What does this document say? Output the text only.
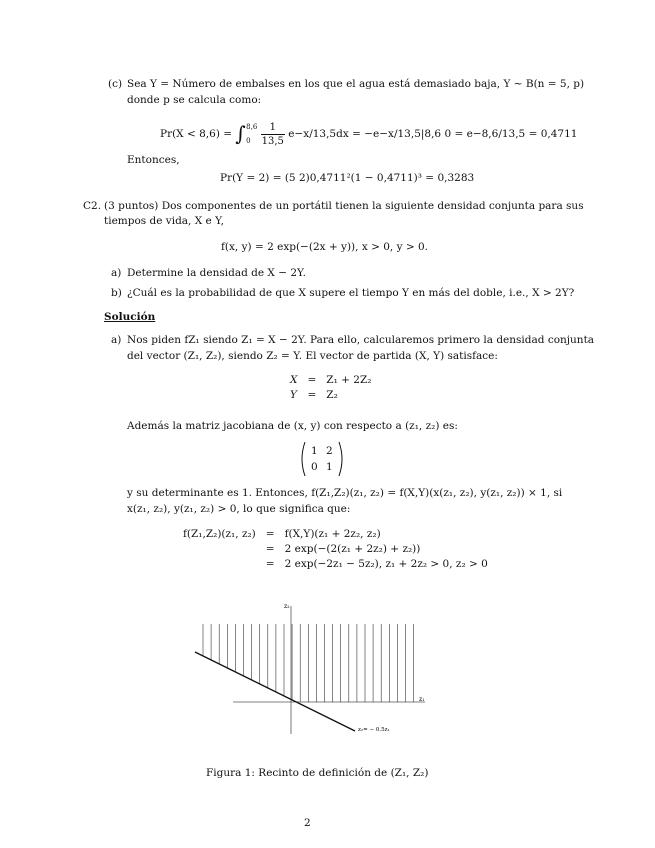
(c) Sea Y = Número de embalses en los que el agua está demasiado baja, Y ∼ B(n = 5, p)
donde p se calcula como:
Pr(X < 8,6) = ∫ 8,6
0
	$\frac{1}{13,5} e-x/13,5dx = -e-x/13,5|8,6$ 0 = e−8,6/13,5 = 0,4711
Entonces,
Pr(Y = 2) = (5 2)0,4711²(1 − 0,4711)³ = 0,3283
C2. (3 puntos) Dos componentes de un portátil tienen la siguiente densidad conjunta para sus
tiempos de vida, X e Y,
f(x, y) = 2 exp(−(2x + y)), x > 0, y > 0.
a) Determine la densidad de X − 2Y.
b) ¿Cuál es la probabilidad de que X supere el tiempo Y en más del doble, i.e., X > 2Y?
Solución
a) Nos piden fZ₁ siendo Z₁ = X − 2Y. Para ello, calcularemos primero la densidad conjunta
del vector (Z₁, Z₂), siendo Z₂ = Y. El vector de partida (X, Y) satisface:
X	=	Z₁ + 2Z₂
Y	=	Z₂
Además la matriz jacobiana de (x, y) con respecto a (z₁, z₂) es:
1 2
0 1
y su determinante es 1. Entonces, f(Z₁,Z₂)(z₁, z₂) = f(X,Y)(x(z₁, z₂), y(z₁, z₂)) × 1, si
x(z₁, z₂), y(z₁, z₂) > 0, lo que significa que:
f(Z₁,Z₂)(z₁, z₂)	=	f(X,Y)(z₁ + 2z₂, z₂)
	=	2 exp(−(2(z₁ + 2z₂) + z₂))
	=	2 exp(−2z₁ − 5z₂), z₁ + 2z₂ > 0, z₂ > 0
z₂
z₁
z₂= − 0.5z₁
Figura 1: Recinto de definición de (Z₁, Z₂)
2
